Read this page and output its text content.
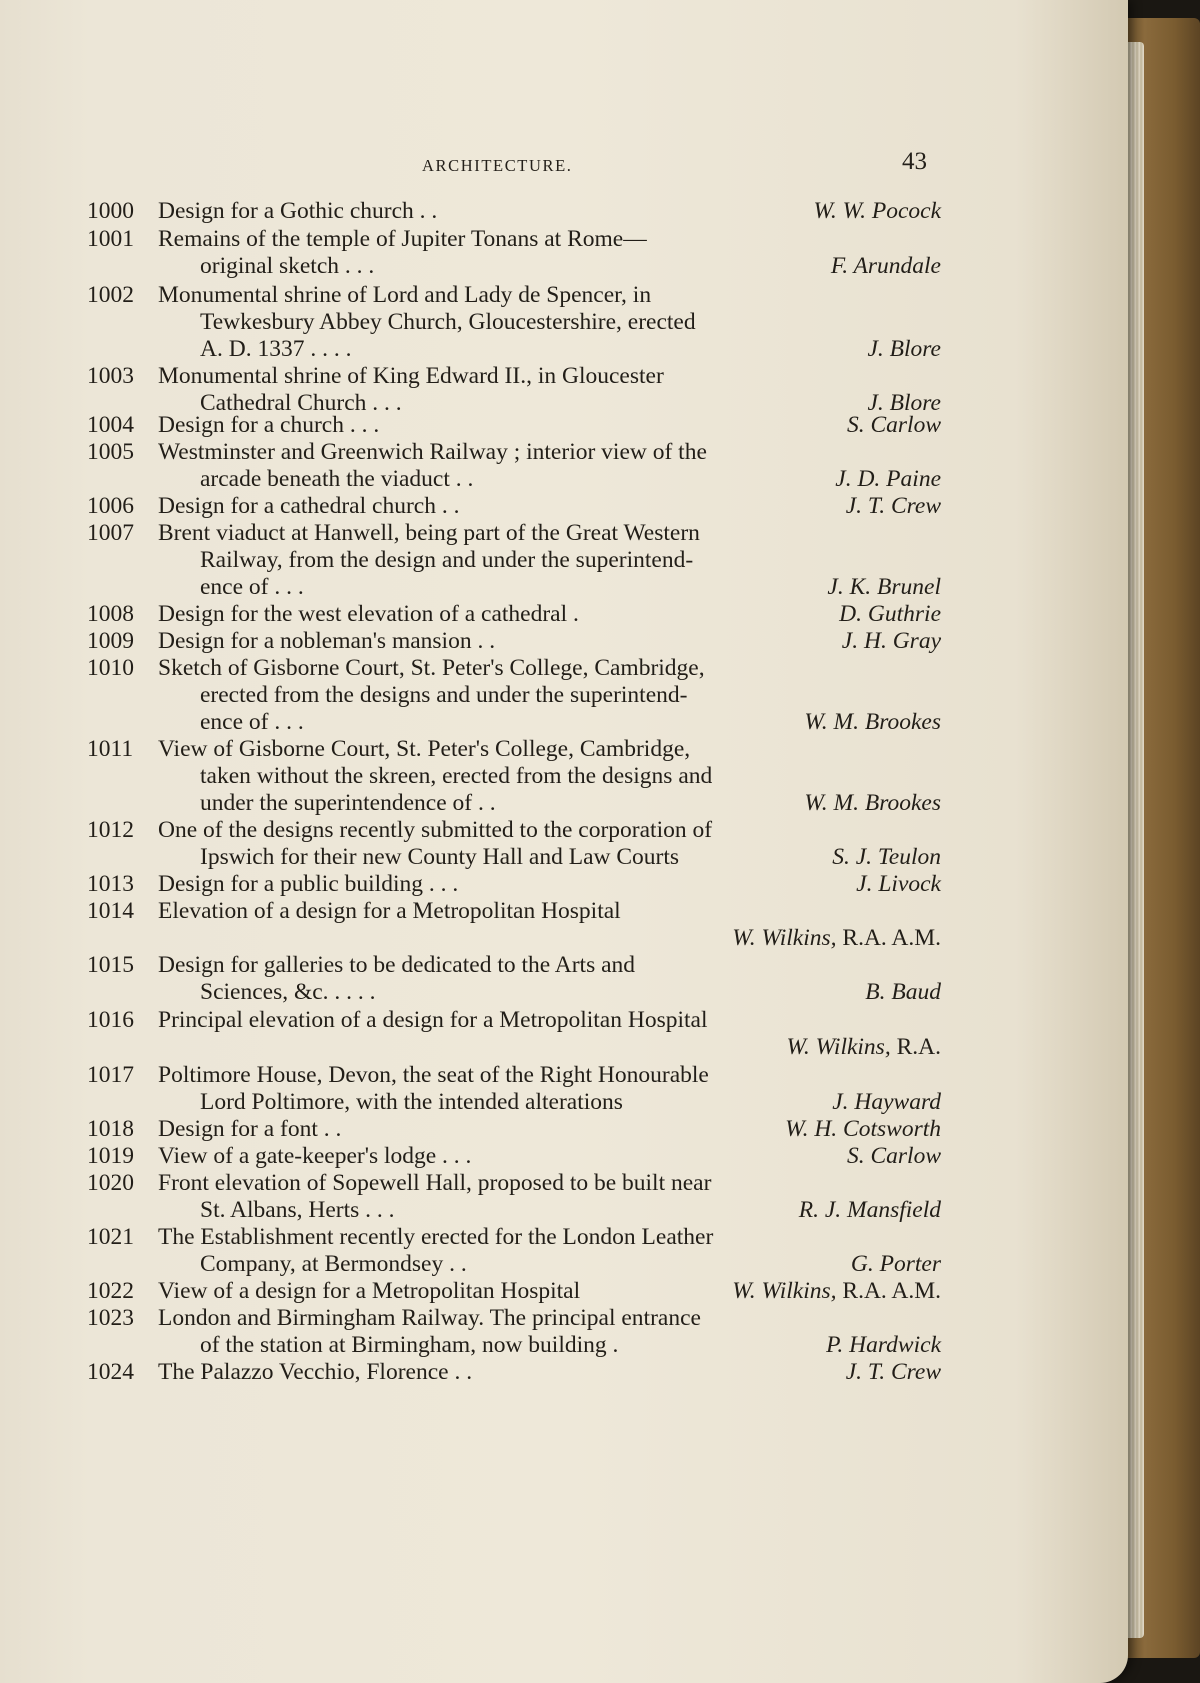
ARCHITECTURE.	43
1000 Design for a Gothic church . .	W. W. Pocock
1001 Remains of the temple of Jupiter Tonans at Rome—
original sketch . . .	F. Arundale
1002 Monumental shrine of Lord and Lady de Spencer, in
Tewkesbury Abbey Church, Gloucestershire, erected
A. D. 1337 . . . .	J. Blore
1003 Monumental shrine of King Edward II., in Gloucester
Cathedral Church . . .	J. Blore
1004 Design for a church . . .	S. Carlow
1005 Westminster and Greenwich Railway ; interior view of the
arcade beneath the viaduct . .	J. D. Paine
1006 Design for a cathedral church . .	J. T. Crew
1007 Brent viaduct at Hanwell, being part of the Great Western
Railway, from the design and under the superintend-
ence of . . .	J. K. Brunel
1008 Design for the west elevation of a cathedral .	D. Guthrie
1009 Design for a nobleman's mansion . .	J. H. Gray
1010 Sketch of Gisborne Court, St. Peter's College, Cambridge,
erected from the designs and under the superintend-
ence of . . .	W. M. Brookes
1011 View of Gisborne Court, St. Peter's College, Cambridge,
taken without the skreen, erected from the designs and
under the superintendence of . .	W. M. Brookes
1012 One of the designs recently submitted to the corporation of
Ipswich for their new County Hall and Law Courts	S. J. Teulon
1013 Design for a public building . . .	J. Livock
1014 Elevation of a design for a Metropolitan Hospital
W. Wilkins, R.A. A.M.
1015 Design for galleries to be dedicated to the Arts and
Sciences, &c. . . . .	B. Baud
1016 Principal elevation of a design for a Metropolitan Hospital
W. Wilkins, R.A.
1017 Poltimore House, Devon, the seat of the Right Honourable
Lord Poltimore, with the intended alterations	J. Hayward
1018 Design for a font . .	W. H. Cotsworth
1019 View of a gate-keeper's lodge . . .	S. Carlow
1020 Front elevation of Sopewell Hall, proposed to be built near
St. Albans, Herts . . .	R. J. Mansfield
1021 The Establishment recently erected for the London Leather
Company, at Bermondsey . .	G. Porter
1022 View of a design for a Metropolitan Hospital	W. Wilkins, R.A. A.M.
1023 London and Birmingham Railway. The principal entrance
of the station at Birmingham, now building .	P. Hardwick
1024 The Palazzo Vecchio, Florence . .	J. T. Crew
